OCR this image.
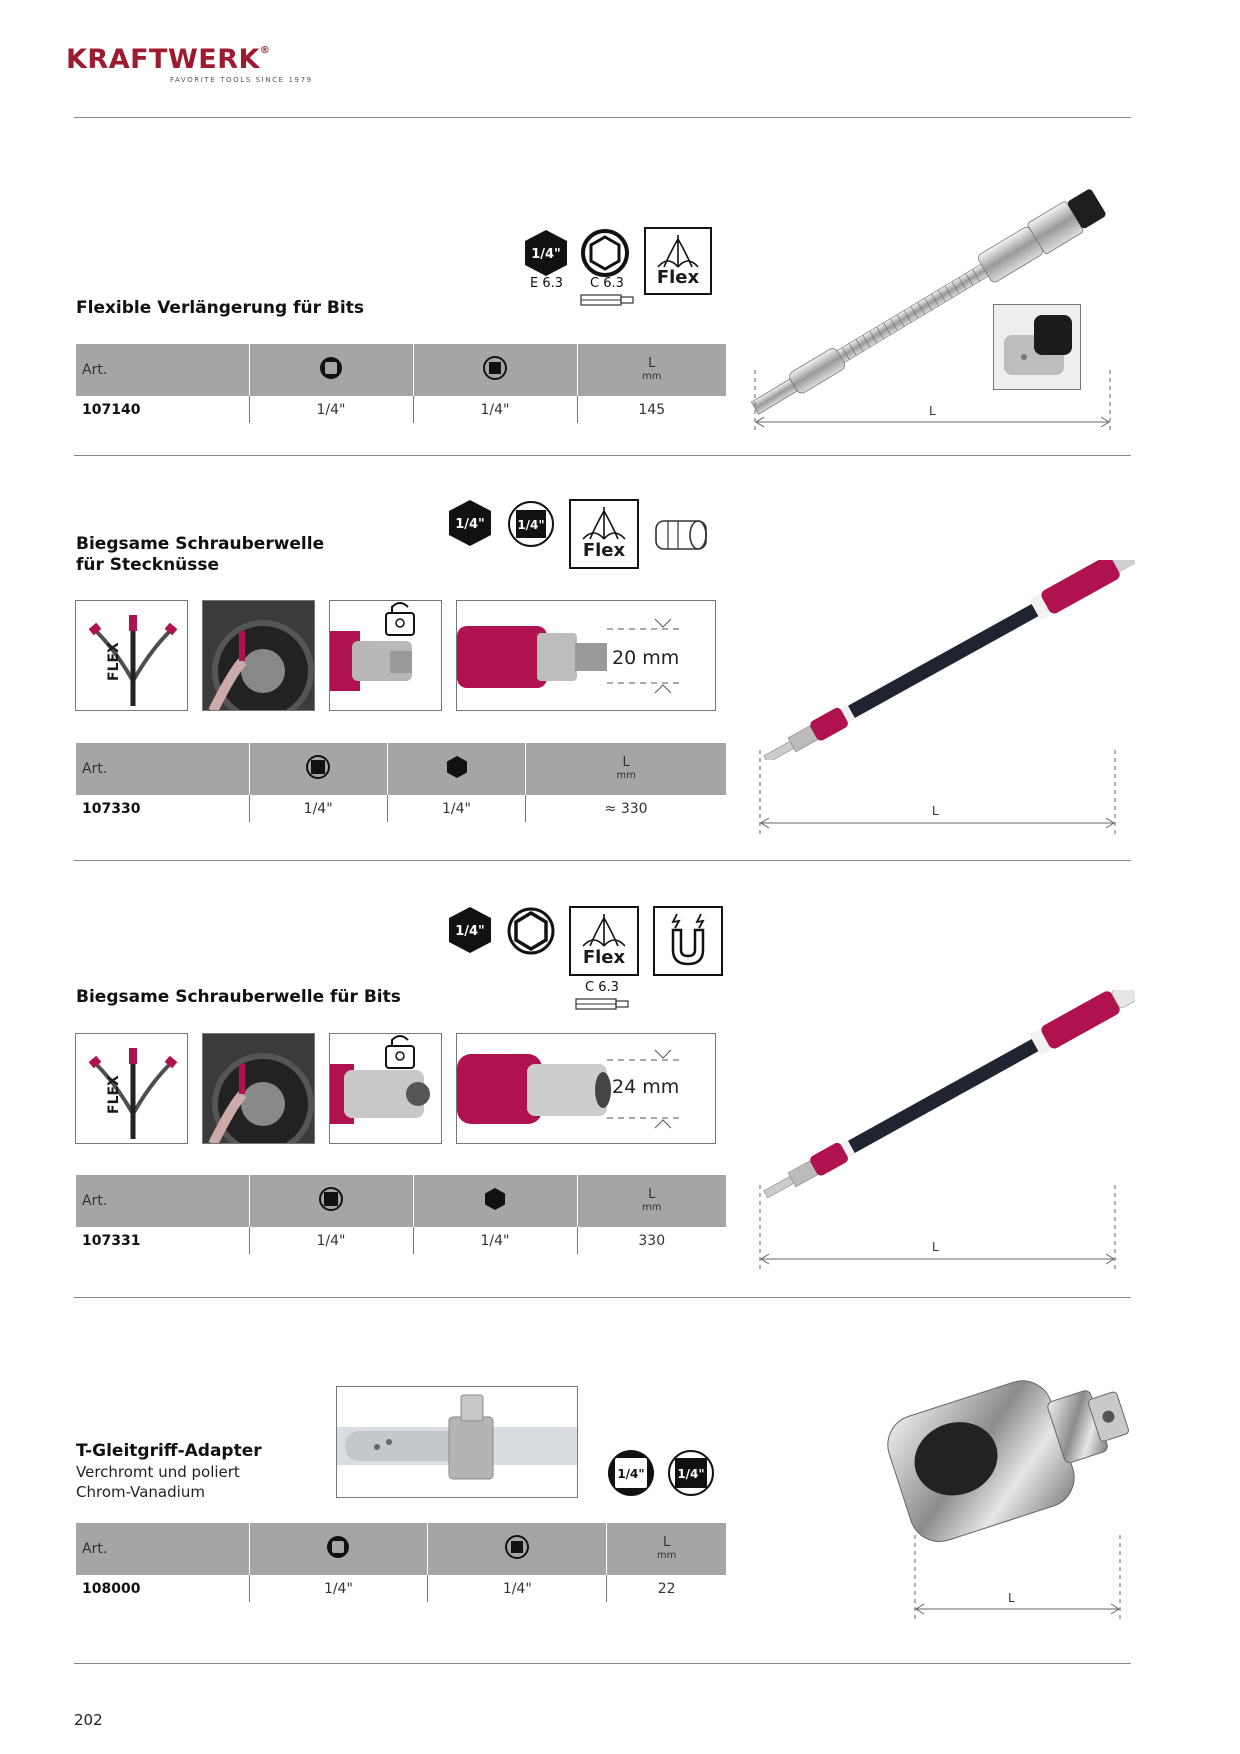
KRAFTWERK®
FAVORITE TOOLS SINCE 1979
1/4"
E 6.3 C 6.3	Flex
Flexible Verlängerung für Bits
Art.			L
mm

107140	1/4"	1/4"	145	L
1/4"	1/4"
Flex
Biegsame Schrauberwelle
für Stecknüsse
FLEX	20 mm
Art.			L
mm

107330	1/4"	1/4"	≈ 330	L
1/4"
Flex
C 6.3
Biegsame Schrauberwelle für Bits
FLEX	24 mm
Art.			L
mm

107331	1/4"	1/4"	330	L
1/4"	1/4"
T-Gleitgriff-Adapter
Verchromt und poliert
Chrom-Vanadium
Art.			L
mm

108000	1/4"	1/4"	22
L
202
